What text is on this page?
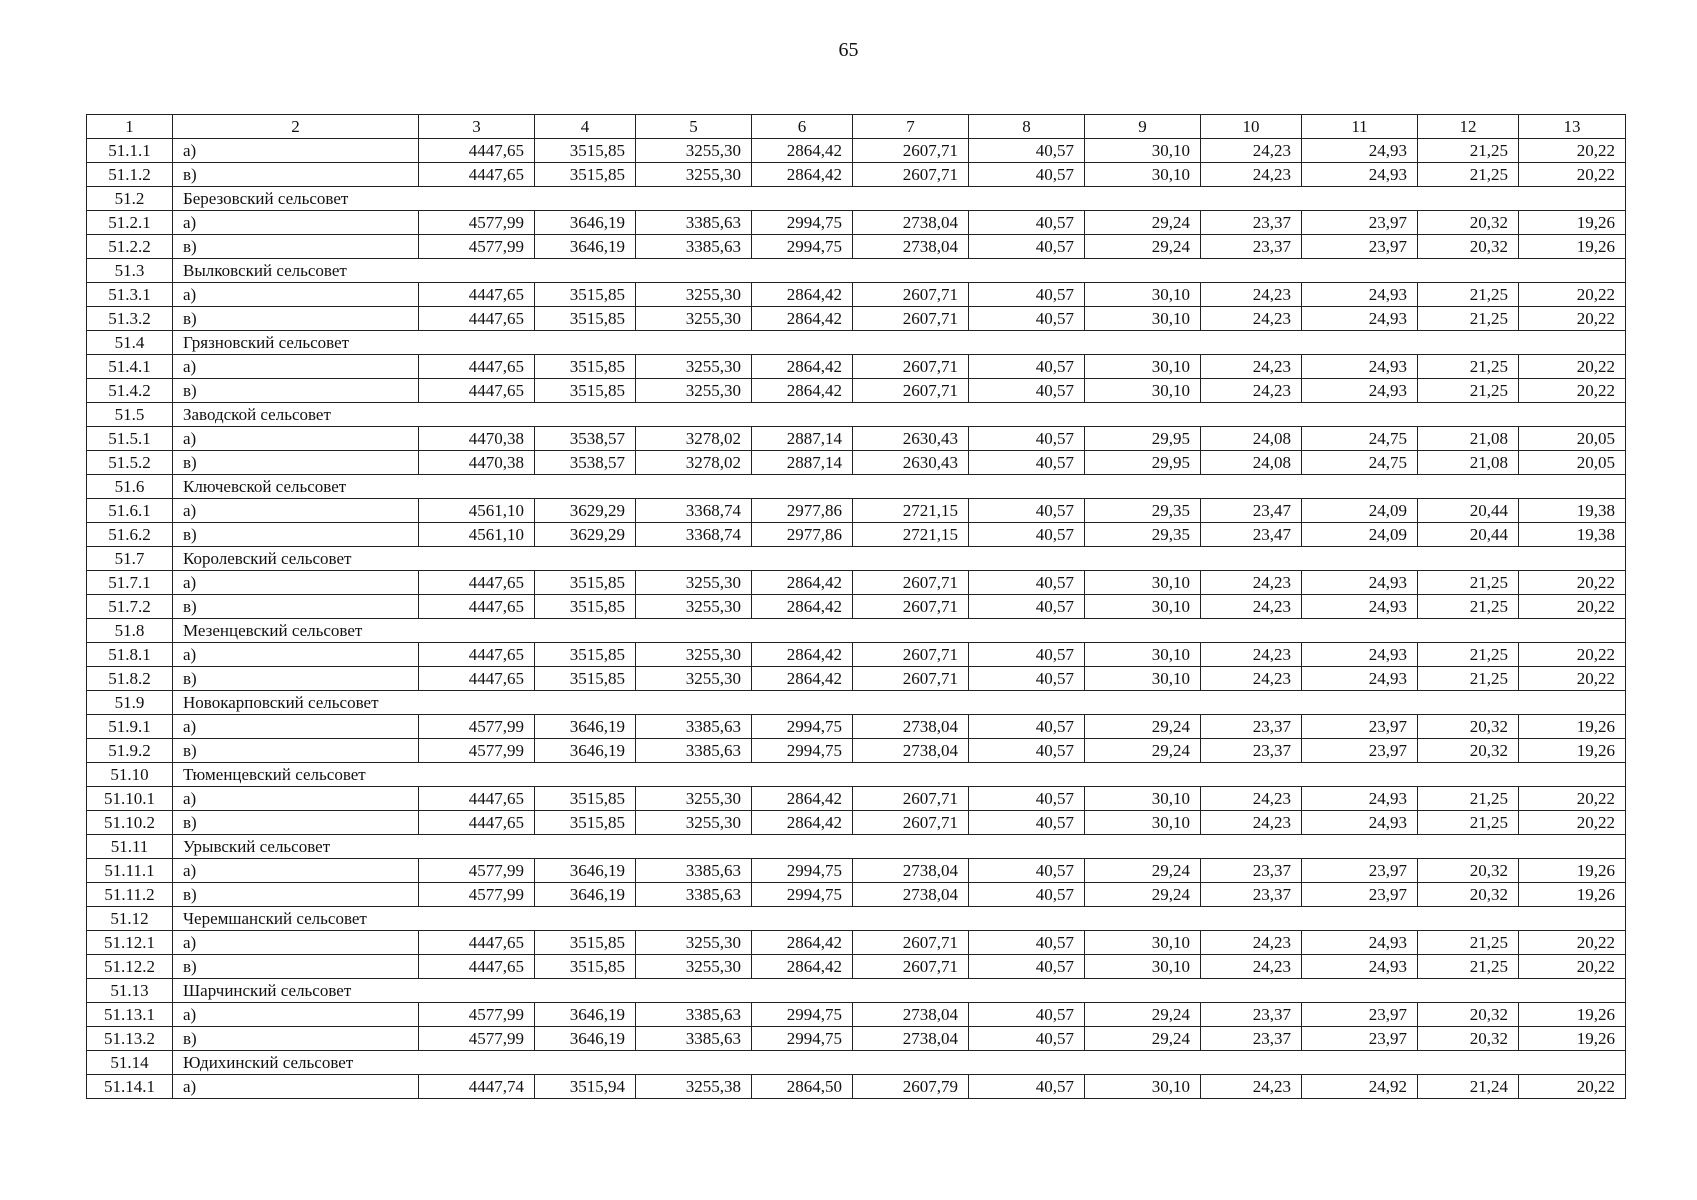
65
1	2	3	4	5	6	7	8	9	10	11	12	13
51.1.1	а)	4447,65	3515,85	3255,30	2864,42	2607,71	40,57	30,10	24,23	24,93	21,25	20,22
51.1.2	в)	4447,65	3515,85	3255,30	2864,42	2607,71	40,57	30,10	24,23	24,93	21,25	20,22
51.2	Березовский сельсовет											
51.2.1	а)	4577,99	3646,19	3385,63	2994,75	2738,04	40,57	29,24	23,37	23,97	20,32	19,26
51.2.2	в)	4577,99	3646,19	3385,63	2994,75	2738,04	40,57	29,24	23,37	23,97	20,32	19,26
51.3	Вылковский сельсовет											
51.3.1	а)	4447,65	3515,85	3255,30	2864,42	2607,71	40,57	30,10	24,23	24,93	21,25	20,22
51.3.2	в)	4447,65	3515,85	3255,30	2864,42	2607,71	40,57	30,10	24,23	24,93	21,25	20,22
51.4	Грязновский сельсовет											
51.4.1	а)	4447,65	3515,85	3255,30	2864,42	2607,71	40,57	30,10	24,23	24,93	21,25	20,22
51.4.2	в)	4447,65	3515,85	3255,30	2864,42	2607,71	40,57	30,10	24,23	24,93	21,25	20,22
51.5	Заводской сельсовет											
51.5.1	а)	4470,38	3538,57	3278,02	2887,14	2630,43	40,57	29,95	24,08	24,75	21,08	20,05
51.5.2	в)	4470,38	3538,57	3278,02	2887,14	2630,43	40,57	29,95	24,08	24,75	21,08	20,05
51.6	Ключевской сельсовет											
51.6.1	а)	4561,10	3629,29	3368,74	2977,86	2721,15	40,57	29,35	23,47	24,09	20,44	19,38
51.6.2	в)	4561,10	3629,29	3368,74	2977,86	2721,15	40,57	29,35	23,47	24,09	20,44	19,38
51.7	Королевский сельсовет											
51.7.1	а)	4447,65	3515,85	3255,30	2864,42	2607,71	40,57	30,10	24,23	24,93	21,25	20,22
51.7.2	в)	4447,65	3515,85	3255,30	2864,42	2607,71	40,57	30,10	24,23	24,93	21,25	20,22
51.8	Мезенцевский сельсовет											
51.8.1	а)	4447,65	3515,85	3255,30	2864,42	2607,71	40,57	30,10	24,23	24,93	21,25	20,22
51.8.2	в)	4447,65	3515,85	3255,30	2864,42	2607,71	40,57	30,10	24,23	24,93	21,25	20,22
51.9	Новокарповский сельсовет											
51.9.1	а)	4577,99	3646,19	3385,63	2994,75	2738,04	40,57	29,24	23,37	23,97	20,32	19,26
51.9.2	в)	4577,99	3646,19	3385,63	2994,75	2738,04	40,57	29,24	23,37	23,97	20,32	19,26
51.10	Тюменцевский сельсовет											
51.10.1	а)	4447,65	3515,85	3255,30	2864,42	2607,71	40,57	30,10	24,23	24,93	21,25	20,22
51.10.2	в)	4447,65	3515,85	3255,30	2864,42	2607,71	40,57	30,10	24,23	24,93	21,25	20,22
51.11	Урывский сельсовет											
51.11.1	а)	4577,99	3646,19	3385,63	2994,75	2738,04	40,57	29,24	23,37	23,97	20,32	19,26
51.11.2	в)	4577,99	3646,19	3385,63	2994,75	2738,04	40,57	29,24	23,37	23,97	20,32	19,26
51.12	Черемшанский сельсовет											
51.12.1	а)	4447,65	3515,85	3255,30	2864,42	2607,71	40,57	30,10	24,23	24,93	21,25	20,22
51.12.2	в)	4447,65	3515,85	3255,30	2864,42	2607,71	40,57	30,10	24,23	24,93	21,25	20,22
51.13	Шарчинский сельсовет											
51.13.1	а)	4577,99	3646,19	3385,63	2994,75	2738,04	40,57	29,24	23,37	23,97	20,32	19,26
51.13.2	в)	4577,99	3646,19	3385,63	2994,75	2738,04	40,57	29,24	23,37	23,97	20,32	19,26
51.14	Юдихинский сельсовет											
51.14.1	а)	4447,74	3515,94	3255,38	2864,50	2607,79	40,57	30,10	24,23	24,92	21,24	20,22
